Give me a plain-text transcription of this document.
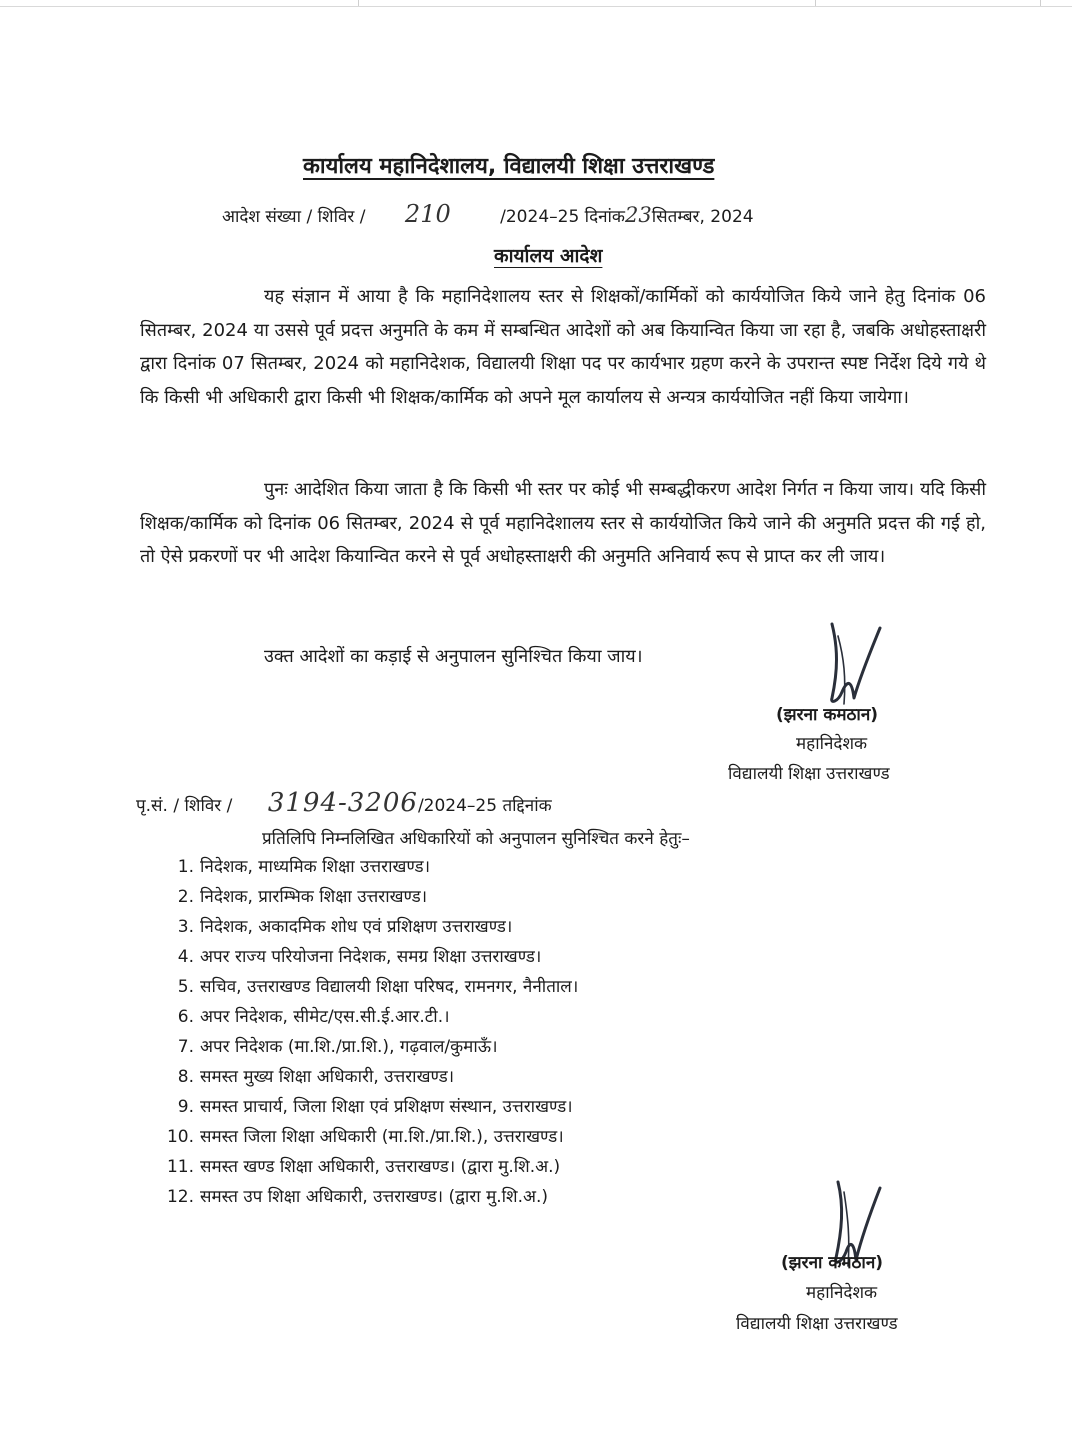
कार्यालय महानिदेशालय, विद्यालयी शिक्षा उत्तराखण्ड
आदेश संख्या / शिविर / 210	/2024–25 दिनांक23सितम्बर, 2024
कार्यालय आदेश
यह संज्ञान में आया है कि महानिदेशालय स्तर से शिक्षकों/कार्मिकों को कार्ययोजित किये जाने हेतु दिनांक 06 सितम्बर, 2024 या उससे पूर्व प्रदत्त अनुमति के कम में सम्बन्धित आदेशों को अब कियान्वित किया जा रहा है, जबकि अधोहस्ताक्षरी द्वारा दिनांक 07 सितम्बर, 2024 को महानिदेशक, विद्यालयी शिक्षा पद पर कार्यभार ग्रहण करने के उपरान्त स्पष्ट निर्देश दिये गये थे कि किसी भी अधिकारी द्वारा किसी भी शिक्षक/कार्मिक को अपने मूल कार्यालय से अन्यत्र कार्ययोजित नहीं किया जायेगा।
पुनः आदेशित किया जाता है कि किसी भी स्तर पर कोई भी सम्बद्धीकरण आदेश निर्गत न किया जाय। यदि किसी शिक्षक/कार्मिक को दिनांक 06 सितम्बर, 2024 से पूर्व महानिदेशालय स्तर से कार्ययोजित किये जाने की अनुमति प्रदत्त की गई हो, तो ऐसे प्रकरणों पर भी आदेश कियान्वित करने से पूर्व अधोहस्ताक्षरी की अनुमति अनिवार्य रूप से प्राप्त कर ली जाय।
उक्त आदेशों का कड़ाई से अनुपालन सुनिश्चित किया जाय।
(झरना कमठान)
महानिदेशक
विद्यालयी शिक्षा उत्तराखण्ड
पृ.सं. / शिविर / 3194-3206/2024–25 तद्दिनांक
प्रतिलिपि निम्नलिखित अधिकारियों को अनुपालन सुनिश्चित करने हेतुः–
1. निदेशक, माध्यमिक शिक्षा उत्तराखण्ड।
2. निदेशक, प्रारम्भिक शिक्षा उत्तराखण्ड।
3. निदेशक, अकादमिक शोध एवं प्रशिक्षण उत्तराखण्ड।
4. अपर राज्य परियोजना निदेशक, समग्र शिक्षा उत्तराखण्ड।
5. सचिव, उत्तराखण्ड विद्यालयी शिक्षा परिषद, रामनगर, नैनीताल।
6. अपर निदेशक, सीमेट/एस.सी.ई.आर.टी.।
7. अपर निदेशक (मा.शि./प्रा.शि.), गढ़वाल/कुमाऊँ।
8. समस्त मुख्य शिक्षा अधिकारी, उत्तराखण्ड।
9. समस्त प्राचार्य, जिला शिक्षा एवं प्रशिक्षण संस्थान, उत्तराखण्ड।
10. समस्त जिला शिक्षा अधिकारी (मा.शि./प्रा.शि.), उत्तराखण्ड।
11. समस्त खण्ड शिक्षा अधिकारी, उत्तराखण्ड। (द्वारा मु.शि.अ.)
12. समस्त उप शिक्षा अधिकारी, उत्तराखण्ड। (द्वारा मु.शि.अ.)
(झरना कमठान)
महानिदेशक
विद्यालयी शिक्षा उत्तराखण्ड
